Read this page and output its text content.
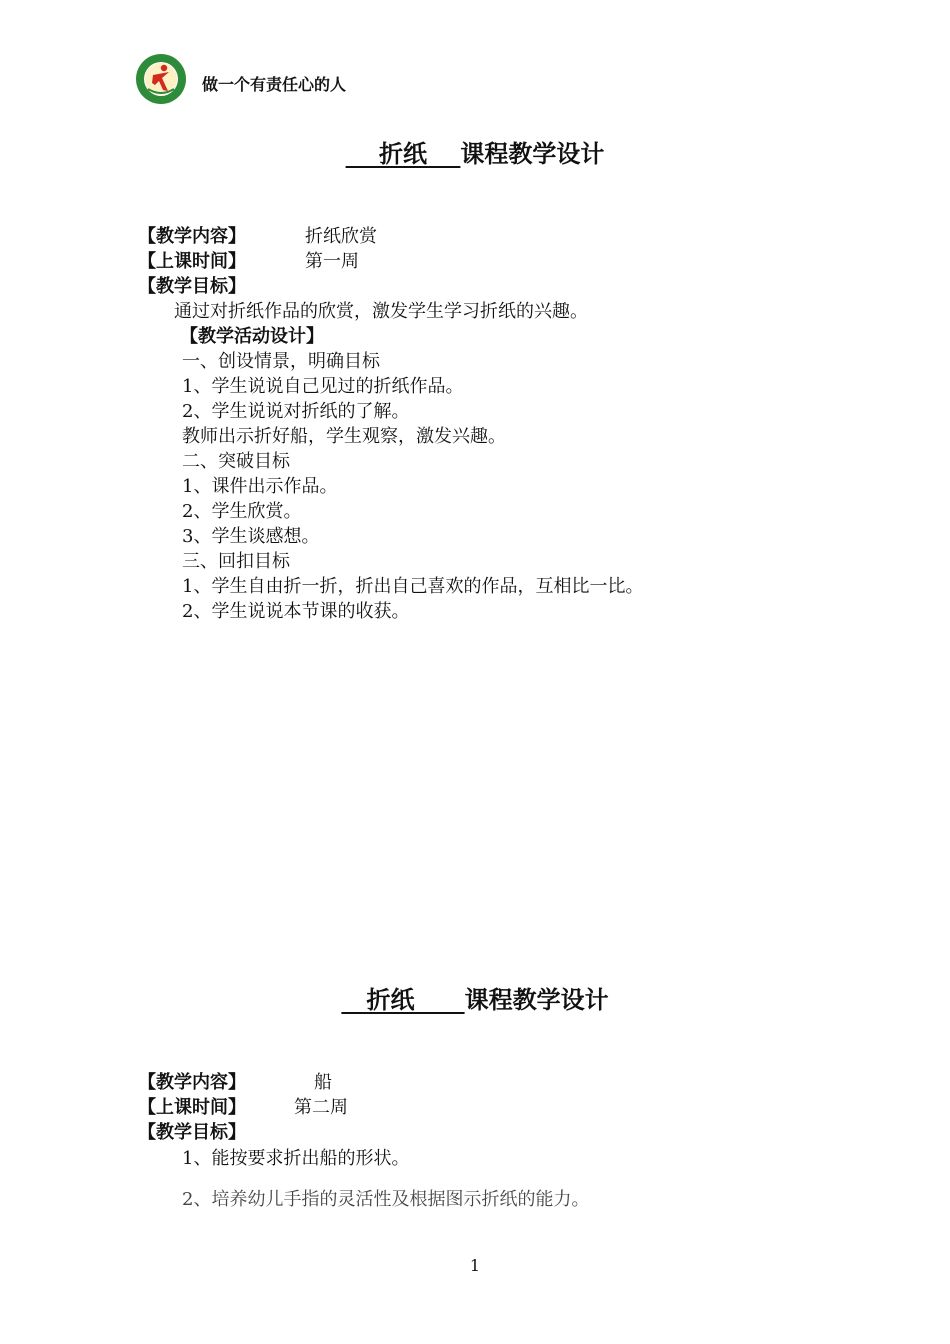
做一个有责任心的人
折纸    课程教学设计
【教学内容】	折纸欣赏
【上课时间】	第一周
【教学目标】
通过对折纸作品的欣赏，激发学生学习折纸的兴趣。
【教学活动设计】
一、创设情景，明确目标
1、学生说说自己见过的折纸作品。
2、学生说说对折纸的了解。
教师出示折好船，学生观察，激发兴趣。
二、突破目标
1、课件出示作品。
2、学生欣赏。
3、学生谈感想。
三、回扣目标
1、学生自由折一折，折出自己喜欢的作品，互相比一比。
2、学生说说本节课的收获。
折纸      课程教学设计
【教学内容】	船
【上课时间】	第二周
【教学目标】
1、能按要求折出船的形状。
2、培养幼儿手指的灵活性及根据图示折纸的能力。
1
